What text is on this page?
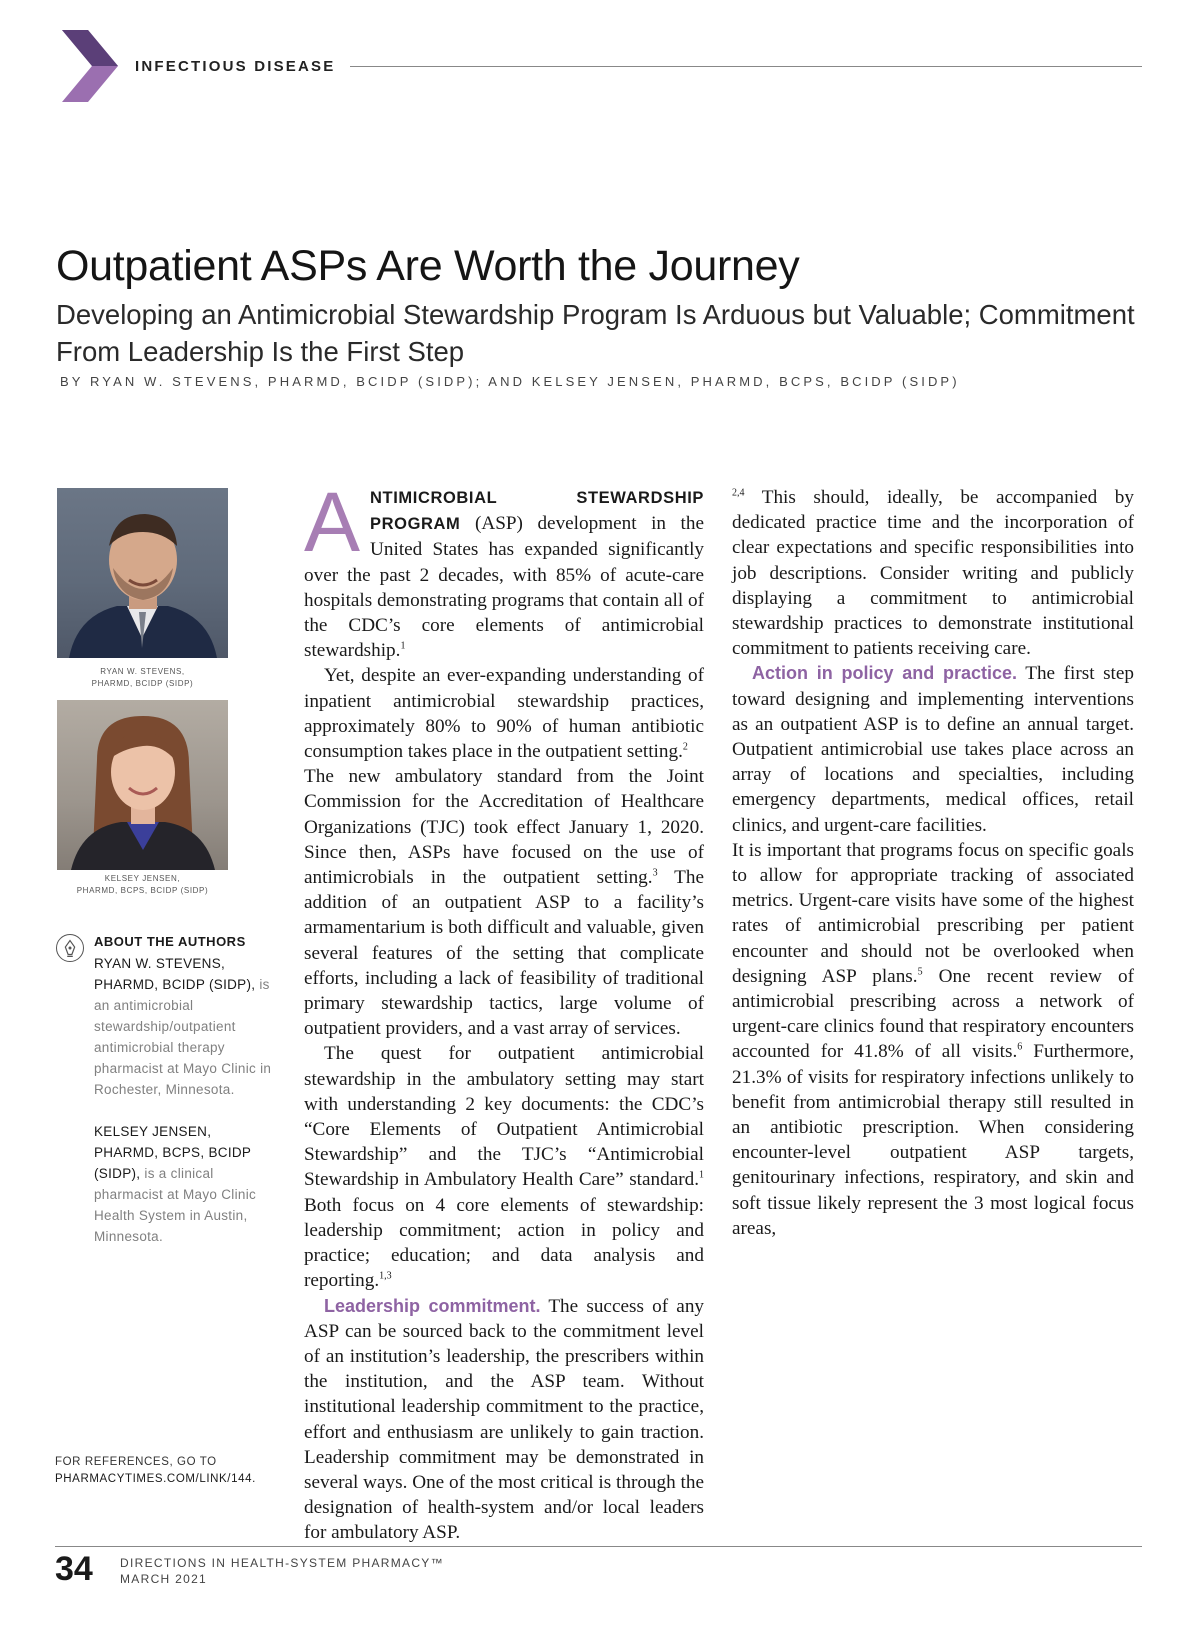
INFECTIOUS DISEASE
Outpatient ASPs Are Worth the Journey
Developing an Antimicrobial Stewardship Program Is Arduous but Valuable; Commitment From Leadership Is the First Step
BY RYAN W. STEVENS, PHARMD, BCIDP (SIDP); AND KELSEY JENSEN, PHARMD, BCPS, BCIDP (SIDP)
RYAN W. STEVENS,
PHARMD, BCIDP (SIDP)
KELSEY JENSEN,
PHARMD, BCPS, BCIDP (SIDP)
ABOUT THE AUTHORS
RYAN W. STEVENS, PHARMD, BCIDP (SIDP), is an antimicrobial stewardship/outpatient antimicrobial therapy pharmacist at Mayo Clinic in Rochester, Minnesota.
KELSEY JENSEN, PHARMD, BCPS, BCIDP (SIDP), is a clinical pharmacist at Mayo Clinic Health System in Austin, Minnesota.
FOR REFERENCES, GO TO
PHARMACYTIMES.COM/LINK/144.

ANTIMICROBIAL STEWARDSHIP PROGRAM (ASP) development in the United States has expanded significantly over the past 2 decades, with 85% of acute-care hospitals demonstrating programs that contain all of the CDC’s core elements of antimicrobial stewardship.$^1$

Yet, despite an ever-expanding understanding of inpatient antimicrobial stewardship practices, approximately 80% to 90% of human antibiotic consumption takes place in the outpatient setting.$^2$

The new ambulatory standard from the Joint Commission for the Accreditation of Healthcare Organizations (TJC) took effect January 1, 2020. Since then, ASPs have focused on the use of antimicrobials in the outpatient setting.$^3$ The addition of an outpatient ASP to a facility’s armamentarium is both difficult and valuable, given several features of the setting that complicate efforts, including a lack of feasibility of traditional primary stewardship tactics, large volume of outpatient providers, and a vast array of services.

The quest for outpatient antimicrobial stewardship in the ambulatory setting may start with understanding 2 key documents: the CDC’s “Core Elements of Outpatient Antimicrobial Stewardship” and the TJC’s “Antimicrobial Stewardship in Ambulatory Health Care” standard.$^1$ Both focus on 4 core elements of stewardship: leadership commitment; action in policy and practice; education; and data analysis and reporting.$^{1,3}$

Leadership commitment. The success of any ASP can be sourced back to the commitment level of an institution’s leadership, the prescribers within the institution, and the ASP team. Without institutional leadership commitment to the practice, effort and enthusiasm are unlikely to gain traction. Leadership commitment may be demonstrated in several ways. One of the most critical is through the designation of health-system and/or local leaders for ambulatory ASP.

$^{2,4}$ This should, ideally, be accompanied by dedicated practice time and the incorporation of clear expectations and specific responsibilities into job descriptions. Consider writing and publicly displaying a commitment to antimicrobial stewardship practices to demonstrate institutional commitment to patients receiving care.

Action in policy and practice. The first step toward designing and implementing interventions as an outpatient ASP is to define an annual target. Outpatient antimicrobial use takes place across an array of locations and specialties, including emergency departments, medical offices, retail clinics, and urgent-care facilities.

It is important that programs focus on specific goals to allow for appropriate tracking of associated metrics. Urgent-care visits have some of the highest rates of antimicrobial prescribing per patient encounter and should not be overlooked when designing ASP plans.$^5$ One recent review of antimicrobial prescribing across a network of urgent-care clinics found that respiratory encounters accounted for 41.8% of all visits.$^6$ Furthermore, 21.3% of visits for respiratory infections unlikely to benefit from antimicrobial therapy still resulted in an antibiotic prescription. When considering encounter-level outpatient ASP targets, genitourinary infections, respiratory, and skin and soft tissue likely represent the 3 most logical focus areas,

34 DIRECTIONS IN HEALTH-SYSTEM PHARMACY™
MARCH 2021
